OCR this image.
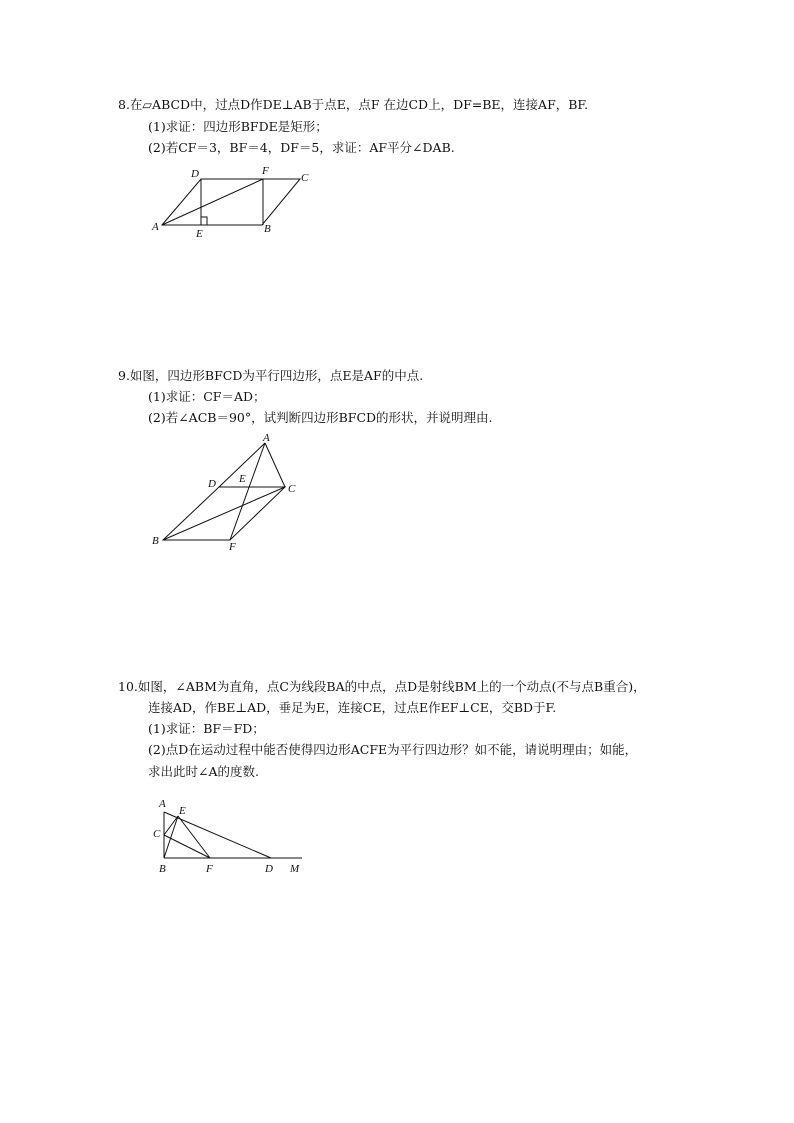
8.在▱ABCD中，过点D作DE⊥AB于点E，点F 在边CD上，DF=BE，连接AF，BF.
(1)求证：四边形BFDE是矩形；
(2)若CF＝3，BF＝4，DF＝5，求证：AF平分∠DAB.
D	F
C
A
E	B
9.如图，四边形BFCD为平行四边形，点E是AF的中点.
(1)求证：CF＝AD；
(2)若∠ACB＝90°，试判断四边形BFCD的形状，并说明理由.
A
D E
C
B	F
10.如图，∠ABM为直角，点C为线段BA的中点，点D是射线BM上的一个动点(不与点B重合)，
连接AD，作BE⊥AD，垂足为E，连接CE，过点E作EF⊥CE，交BD于F.
(1)求证：BF＝FD；
(2)点D在运动过程中能否使得四边形ACFE为平行四边形？如不能，请说明理由；如能，
求出此时∠A的度数.
A
E
C
B	F	D M
